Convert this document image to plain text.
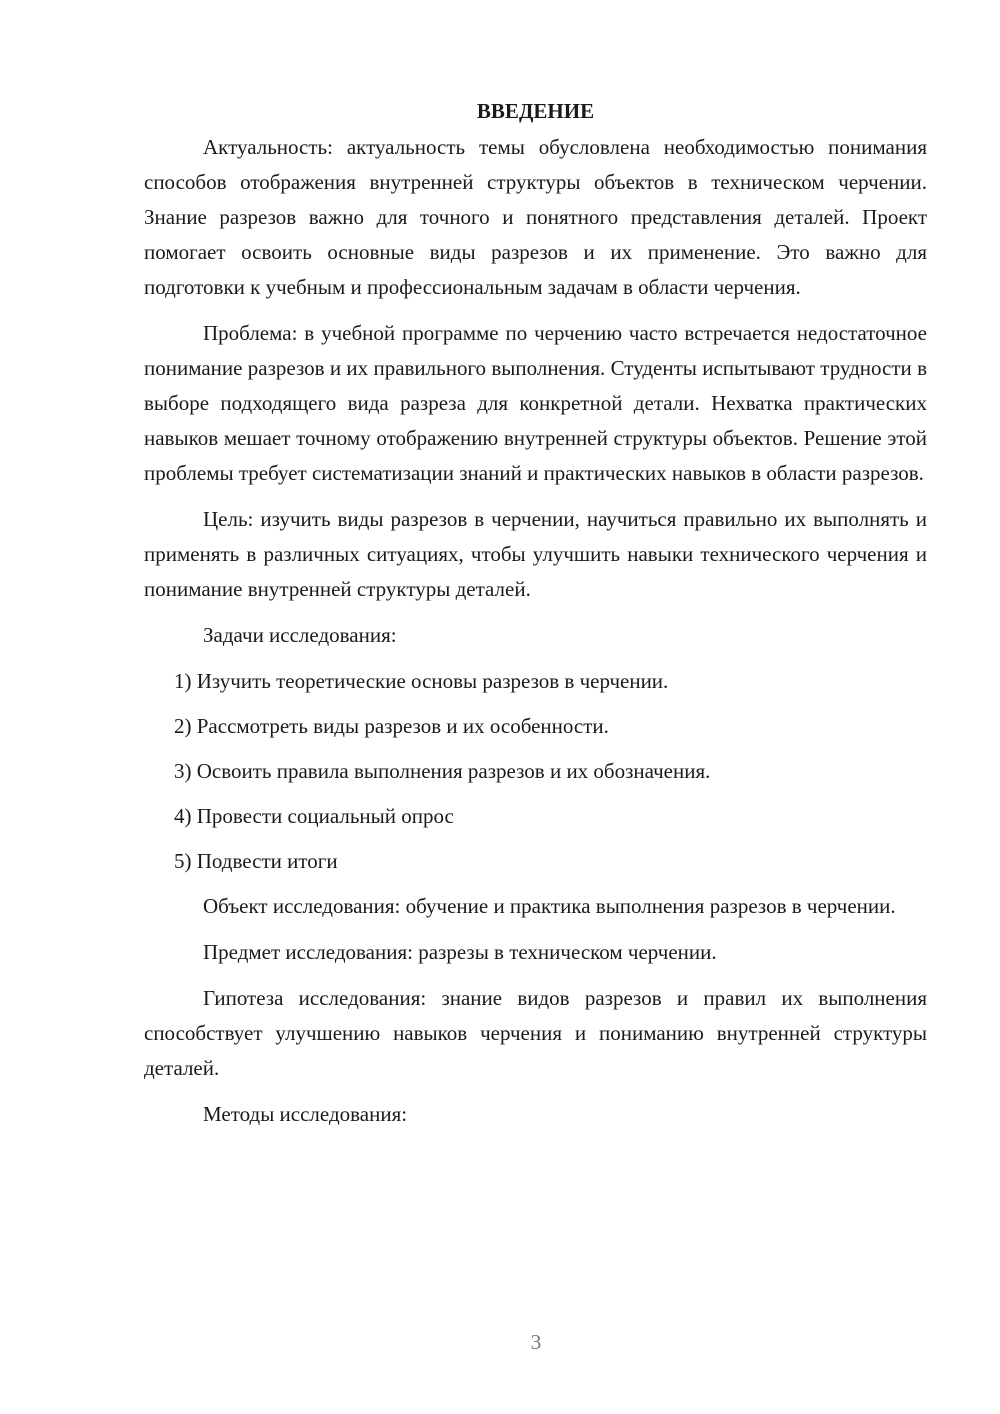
ВВЕДЕНИЕ

Актуальность: актуальность темы обусловлена необходимостью понимания способов отображения внутренней структуры объектов в техническом черчении. Знание разрезов важно для точного и понятного представления деталей. Проект помогает освоить основные виды разрезов и их применение. Это важно для подготовки к учебным и профессиональным задачам в области черчения.

Проблема: в учебной программе по черчению часто встречается недостаточное понимание разрезов и их правильного выполнения. Студенты испытывают трудности в выборе подходящего вида разреза для конкретной детали. Нехватка практических навыков мешает точному отображению внутренней структуры объектов. Решение этой проблемы требует систематизации знаний и практических навыков в области разрезов.

Цель: изучить виды разрезов в черчении, научиться правильно их выполнять и применять в различных ситуациях, чтобы улучшить навыки технического черчения и понимание внутренней структуры деталей.

Задачи исследования:

1) Изучить теоретические основы разрезов в черчении.
2) Рассмотреть виды разрезов и их особенности.
3) Освоить правила выполнения разрезов и их обозначения.
4) Провести социальный опрос
5) Подвести итоги

Объект исследования: обучение и практика выполнения разрезов в черчении.

Предмет исследования: разрезы в техническом черчении.

Гипотеза исследования: знание видов разрезов и правил их выполнения способствует улучшению навыков черчения и пониманию внутренней структуры деталей.

Методы исследования:

3
